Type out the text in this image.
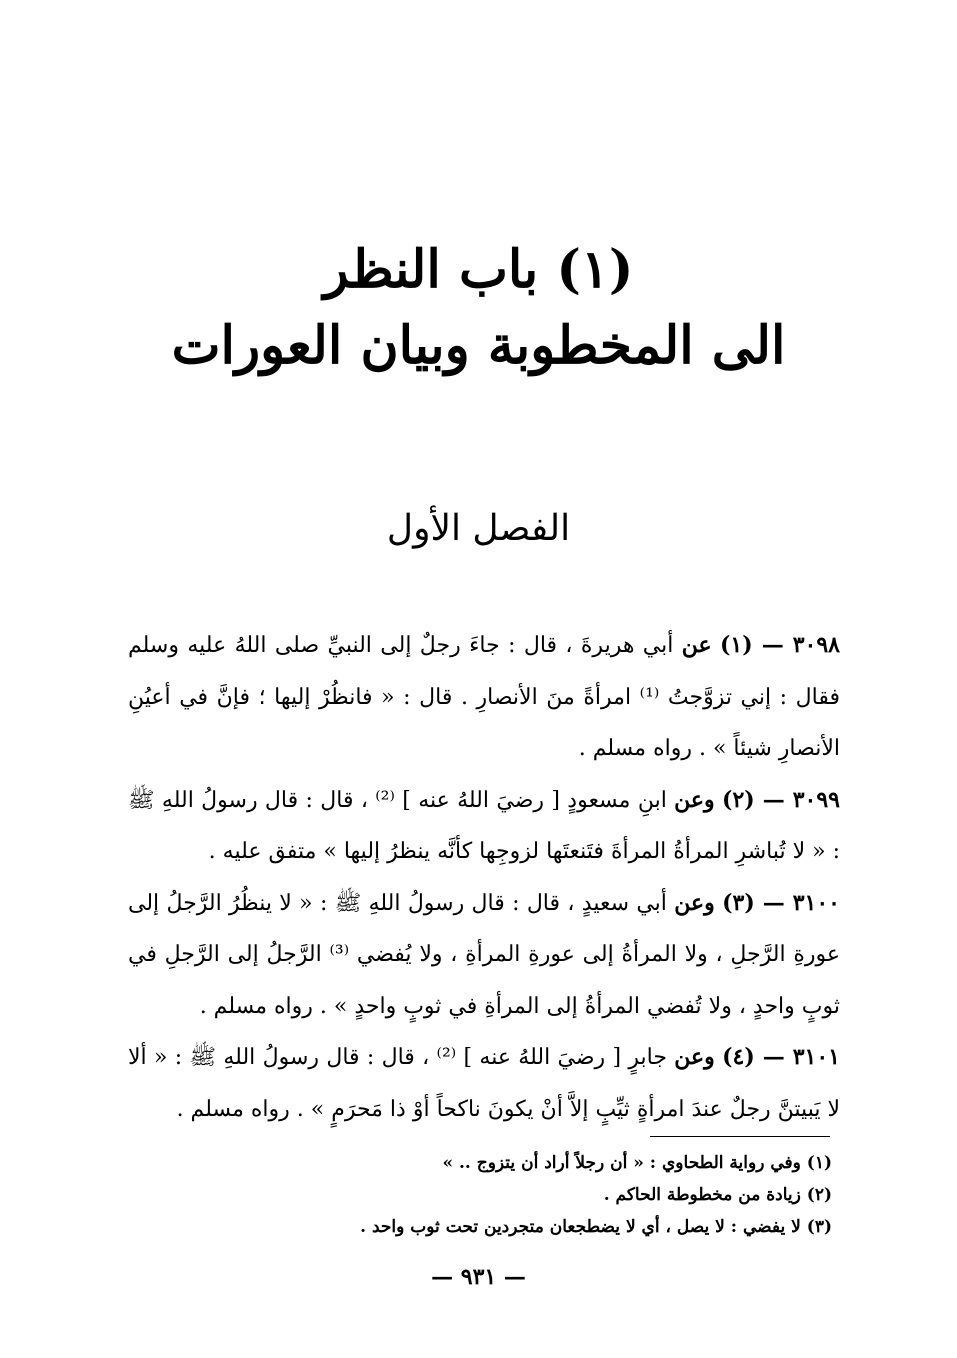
(١) باب النظر
الى المخطوبة وبيان العورات
الفصل الأول

٣٠٩٨ — (١) عن أبي هريرةَ ، قال : جاءَ رجلٌ إلى النبيِّ صلى اللهُ عليه وسلم فقال : إني تزوَّجتُ ⁽¹⁾ امرأةً منَ الأنصارِ . قال : « فانظُرْ إليها ؛ فإنَّ في أعيُنِ الأنصارِ شيئاً » . رواه مسلم .

٣٠٩٩ — (٢) وعن ابنِ مسعودٍ [ رضيَ اللهُ عنه ] ⁽²⁾ ، قال : قال رسولُ اللهِ ﷺ : « لا تُباشرِ المرأةُ المرأةَ فتَنعتَها لزوجِها كأنَّه ينظرُ إليها » متفق عليه .

٣١٠٠ — (٣) وعن أبي سعيدٍ ، قال : قال رسولُ اللهِ ﷺ : « لا ينظُرُ الرَّجلُ إلى عورةِ الرَّجلِ ، ولا المرأةُ إلى عورةِ المرأةِ ، ولا يُفضي ⁽³⁾ الرَّجلُ إلى الرَّجلِ في ثوبٍ واحدٍ ، ولا تُفضي المرأةُ إلى المرأةِ في ثوبٍ واحدٍ » . رواه مسلم .

٣١٠١ — (٤) وعن جابرٍ [ رضيَ اللهُ عنه ] ⁽²⁾ ، قال : قال رسولُ اللهِ ﷺ : « ألا لا يَبيتنَّ رجلٌ عندَ امرأةٍ ثيِّبٍ إلاَّ أنْ يكونَ ناكحاً أوْ ذا مَحرَمٍ » . رواه مسلم .

(١) وفي رواية الطحاوي : « أن رجلاً أراد أن يتزوج .. »

(٢) زيادة من مخطوطة الحاكم .

(٣) لا يفضي : لا يصل ، أي لا يضطجعان متجردين تحت ثوب واحد .

— ٩٣١ —
